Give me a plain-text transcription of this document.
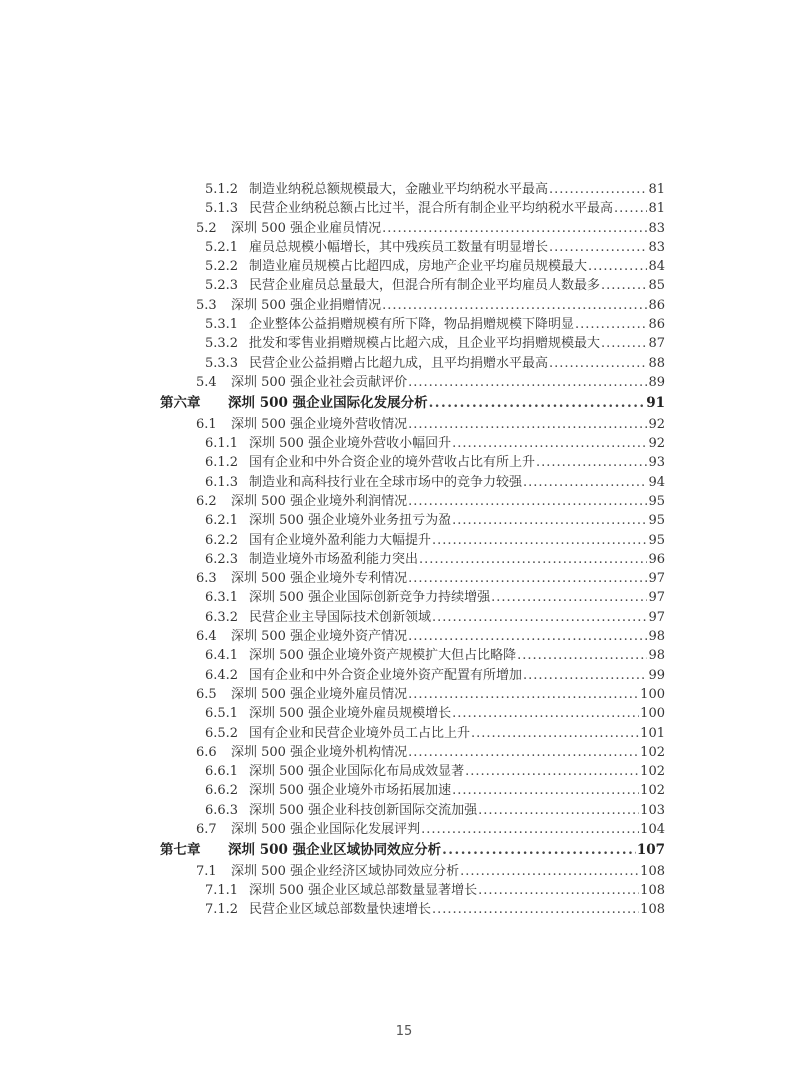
5.1.2 制造业纳税总额规模最大，金融业平均纳税水平最高 .....	81
5.1.3 民营企业纳税总额占比过半，混合所有制企业平均纳税水平最高 .....	81
5.2	深圳 500 强企业雇员情况 .....	83
5.2.1 雇员总规模小幅增长，其中残疾员工数量有明显增长 .....	83
5.2.2 制造业雇员规模占比超四成，房地产企业平均雇员规模最大 .....	84
5.2.3 民营企业雇员总量最大，但混合所有制企业平均雇员人数最多 .....	85
5.3	深圳 500 强企业捐赠情况 .....	86
5.3.1 企业整体公益捐赠规模有所下降，物品捐赠规模下降明显 .....	86
5.3.2 批发和零售业捐赠规模占比超六成，且企业平均捐赠规模最大 .....	87
5.3.3 民营企业公益捐赠占比超九成，且平均捐赠水平最高 .....	88
5.4	深圳 500 强企业社会贡献评价 .....	89
第六章	深圳 500 强企业国际化发展分析 .....	91
6.1	深圳 500 强企业境外营收情况 .....	92
6.1.1 深圳 500 强企业境外营收小幅回升 .....	92
6.1.2 国有企业和中外合资企业的境外营收占比有所上升 .....	93
6.1.3 制造业和高科技行业在全球市场中的竞争力较强 .....	94
6.2	深圳 500 强企业境外利润情况 .....	95
6.2.1 深圳 500 强企业境外业务扭亏为盈 .....	95
6.2.2 国有企业境外盈利能力大幅提升 .....	95
6.2.3 制造业境外市场盈利能力突出 .....	96
6.3	深圳 500 强企业境外专利情况 .....	97
6.3.1 深圳 500 强企业国际创新竞争力持续增强 .....	97
6.3.2 民营企业主导国际技术创新领域 .....	97
6.4	深圳 500 强企业境外资产情况 .....	98
6.4.1 深圳 500 强企业境外资产规模扩大但占比略降 .....	98
6.4.2 国有企业和中外合资企业境外资产配置有所增加 .....	99
6.5	深圳 500 强企业境外雇员情况 .....	100
6.5.1 深圳 500 强企业境外雇员规模增长 .....	100
6.5.2 国有企业和民营企业境外员工占比上升 .....	101
6.6	深圳 500 强企业境外机构情况 .....	102
6.6.1 深圳 500 强企业国际化布局成效显著 .....	102
6.6.2 深圳 500 强企业境外市场拓展加速 .....	102
6.6.3 深圳 500 强企业科技创新国际交流加强 .....	103
6.7	深圳 500 强企业国际化发展评判 .....	104
第七章	深圳 500 强企业区域协同效应分析 .....	107
7.1	深圳 500 强企业经济区域协同效应分析 .....	108
7.1.1 深圳 500 强企业区域总部数量显著增长 .....	108
7.1.2 民营企业区域总部数量快速增长 .....	108
15
